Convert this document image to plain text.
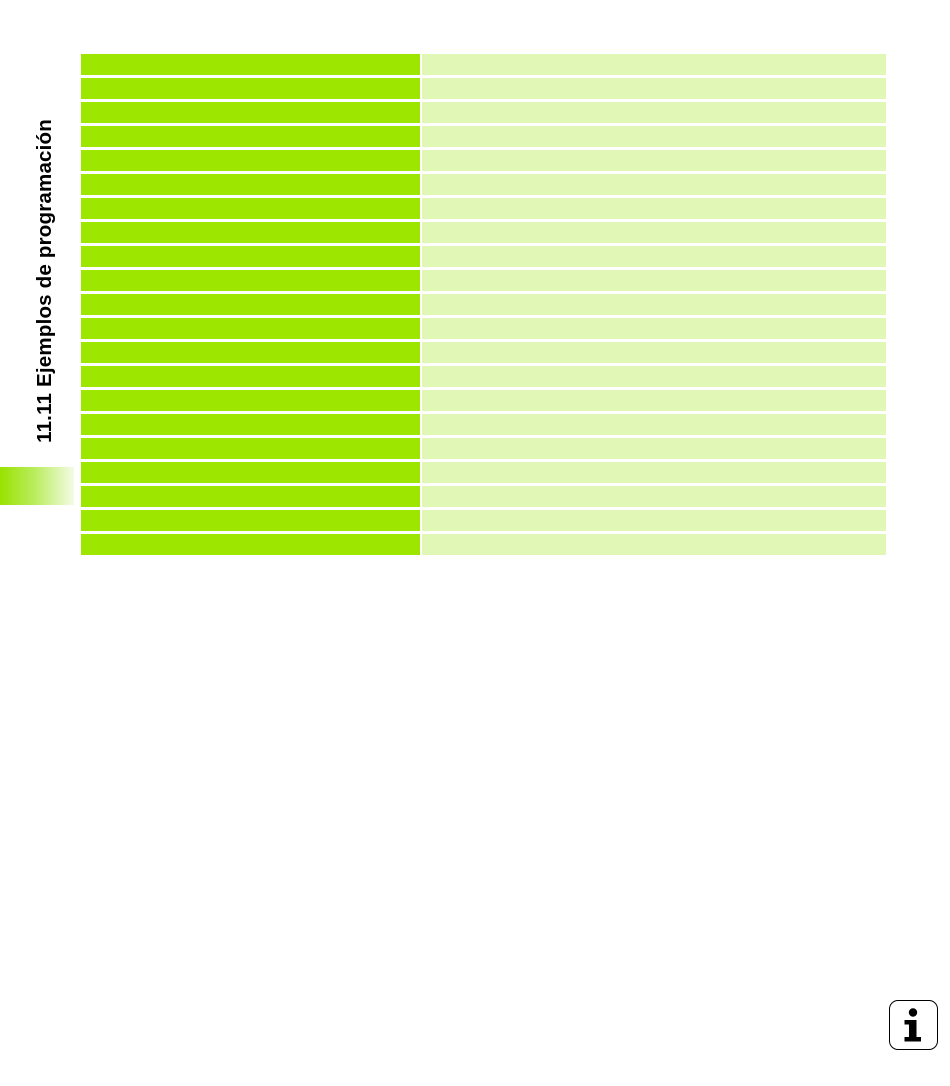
11.11 Ejemplos de programación
